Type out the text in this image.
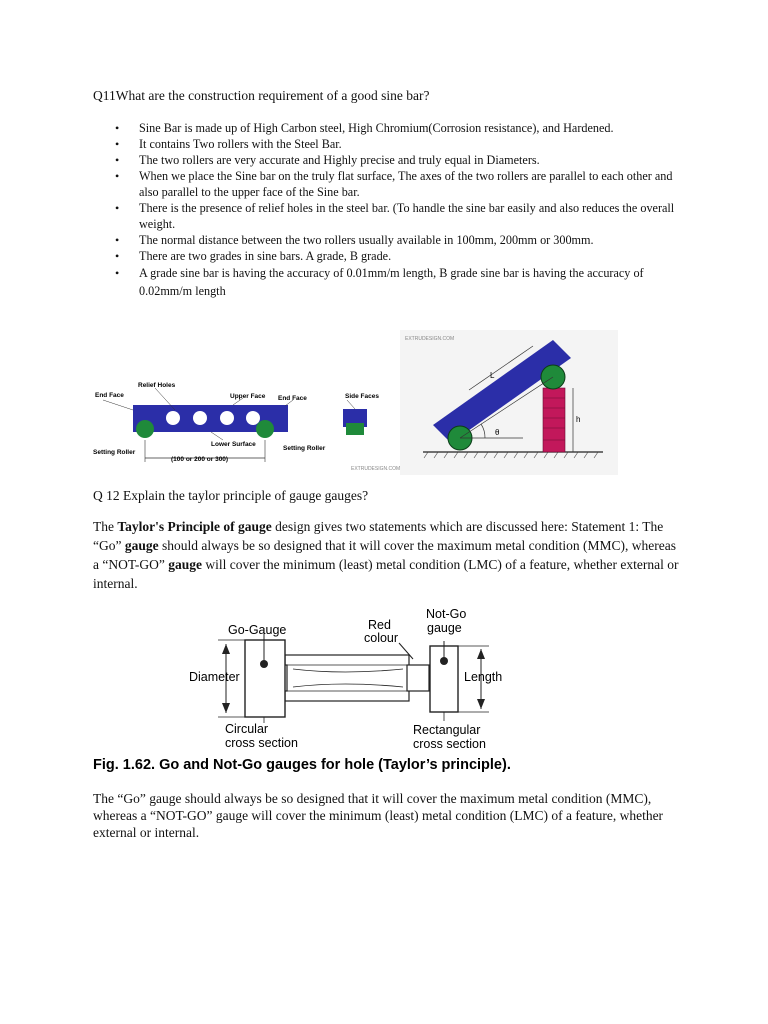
Q11What are the construction requirement of a good sine bar?
• Sine Bar is made up of High Carbon steel, High Chromium(Corrosion resistance), and Hardened.
• It contains Two rollers with the Steel Bar.
• The two rollers are very accurate and Highly precise and truly equal in Diameters.
• When we place the Sine bar on the truly flat surface, The axes of the two rollers are parallel to each other and also parallel to the upper face of the Sine bar.
• There is the presence of relief holes in the steel bar. (To handle the sine bar easily and also reduces the overall weight.
• The normal distance between the two rollers usually available in 100mm, 200mm or 300mm.
• There are two grades in sine bars. A grade, B grade.
• A grade sine bar is having the accuracy of 0.01mm/m length, B grade sine bar is having the accuracy of 0.02mm/m length
End Face
Relief Holes
Upper Face End Face
Lower Surface
Setting Roller
Setting Roller
(100 or 200 or 300)
Side Faces
EXTRUDESIGN.COM
EXTRUDESIGN.COM
L
h
θ
Q 12 Explain the taylor principle of gauge gauges?
The Taylor's Principle of gauge design gives two statements which are discussed here: Statement 1: The “Go” gauge should always be so designed that it will cover the maximum metal condition (MMC), whereas a “NOT-GO” gauge will cover the minimum (least) metal condition (LMC) of a feature, whether external or internal.
Go-Gauge	Red
colour
Not-Go
gauge
Diameter	Length
Circular
cross section
Rectangular
cross section
Fig. 1.62. Go and Not-Go gauges for hole (Taylor’s principle).
The “Go” gauge should always be so designed that it will cover the maximum metal condition (MMC), whereas a “NOT-GO” gauge will cover the minimum (least) metal condition (LMC) of a feature, whether external or internal.
